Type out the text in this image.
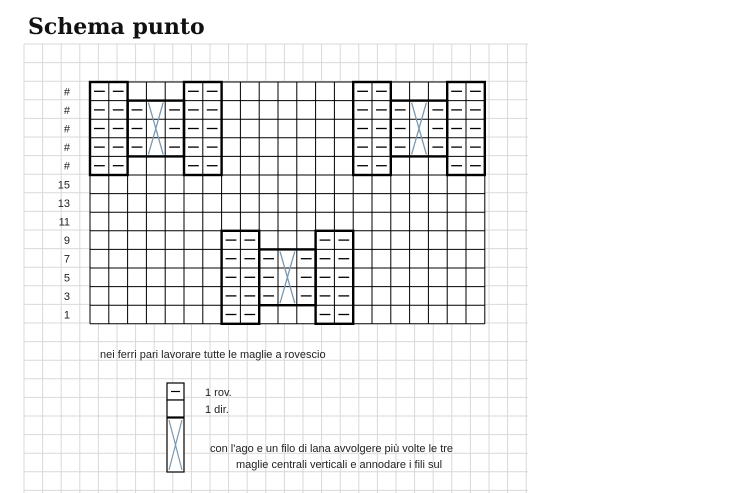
Schema punto
#
#
#
#
#
15
13
11
9
7
5
3
1
nei ferri pari lavorare tutte le maglie a rovescio
1 rov.
1 dir.
con l'ago e un filo di lana avvolgere più volte le tre
maglie centrali verticali e annodare i fili sul
